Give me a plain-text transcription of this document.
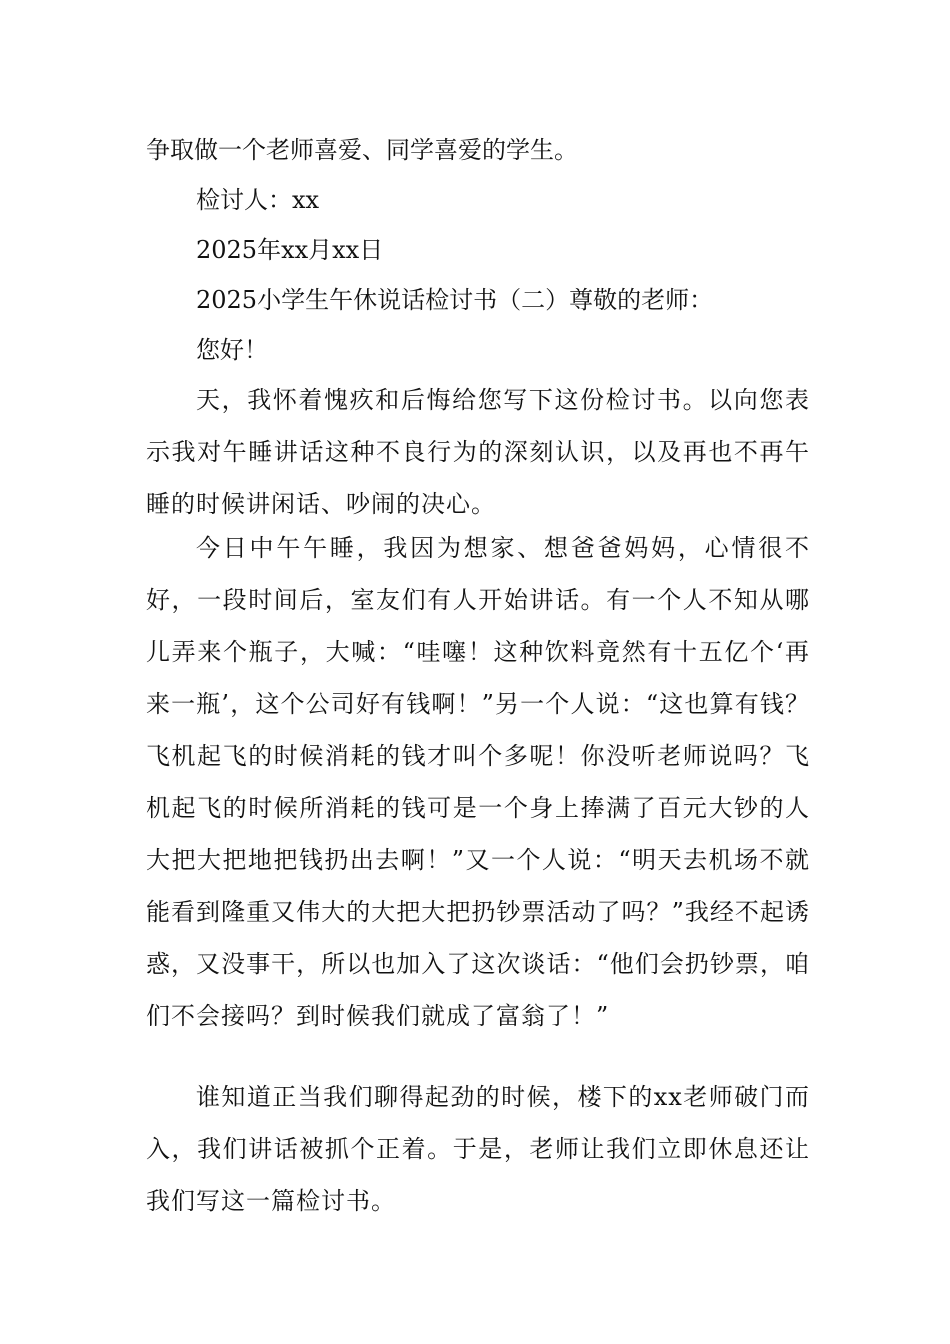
争取做一个老师喜爱、同学喜爱的学生。

检讨人：xx

2025年xx月xx日

2025小学生午休说话检讨书（二）尊敬的老师：

您好！

天，我怀着愧疚和后悔给您写下这份检讨书。以向您表示我对午睡讲话这种不良行为的深刻认识，以及再也不再午睡的时候讲闲话、吵闹的决心。

今日中午午睡，我因为想家、想爸爸妈妈，心情很不好，一段时间后，室友们有人开始讲话。有一个人不知从哪儿弄来个瓶子，大喊：“哇噻！这种饮料竟然有十五亿个‘再来一瓶’，这个公司好有钱啊！”另一个人说：“这也算有钱？飞机起飞的时候消耗的钱才叫个多呢！你没听老师说吗？飞机起飞的时候所消耗的钱可是一个身上捧满了百元大钞的人大把大把地把钱扔出去啊！”又一个人说：“明天去机场不就能看到隆重又伟大的大把大把扔钞票活动了吗？”我经不起诱惑，又没事干，所以也加入了这次谈话：“他们会扔钞票，咱们不会接吗？到时候我们就成了富翁了！”

谁知道正当我们聊得起劲的时候，楼下的xx老师破门而入，我们讲话被抓个正着。于是，老师让我们立即休息还让我们写这一篇检讨书。
